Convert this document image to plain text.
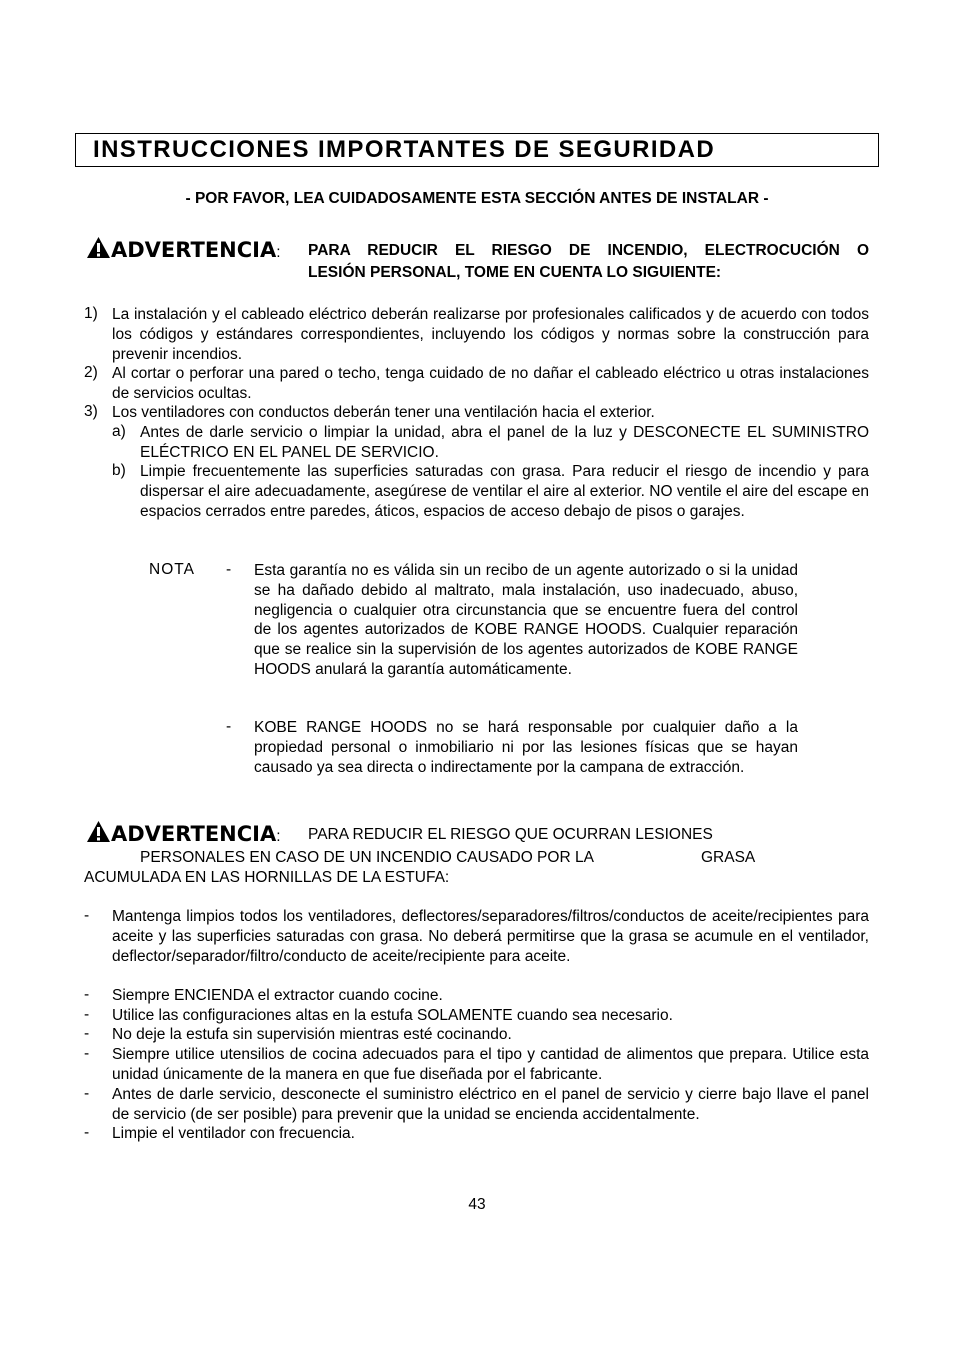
INSTRUCCIONES IMPORTANTES DE SEGURIDAD
- POR FAVOR, LEA CUIDADOSAMENTE ESTA SECCIÓN ANTES DE INSTALAR -
ADVERTENCIA: PARA REDUCIR EL RIESGO DE INCENDIO, ELECTROCUCIÓN O
LESIÓN PERSONAL, TOME EN CUENTA LO SIGUIENTE:
1) La instalación y el cableado eléctrico deberán realizarse por profesionales calificados y de acuerdo con todos los códigos y estándares correspondientes, incluyendo los códigos y normas sobre la construcción para prevenir incendios.
2) Al cortar o perforar una pared o techo, tenga cuidado de no dañar el cableado eléctrico u otras instalaciones de servicios ocultas.
3) Los ventiladores con conductos deberán tener una ventilación hacia el exterior.
a) Antes de darle servicio o limpiar la unidad, abra el panel de la luz y DESCONECTE EL SUMINISTRO ELÉCTRICO EN EL PANEL DE SERVICIO.
b) Limpie frecuentemente las superficies saturadas con grasa. Para reducir el riesgo de incendio y para dispersar el aire adecuadamente, asegúrese de ventilar el aire al exterior. NO ventile el aire del escape en espacios cerrados entre paredes, áticos, espacios de acceso debajo de pisos o garajes.
NOTA - Esta garantía no es válida sin un recibo de un agente autorizado o si la unidad se ha dañado debido al maltrato, mala instalación, uso inadecuado, abuso, negligencia o cualquier otra circunstancia que se encuentre fuera del control de los agentes autorizados de KOBE RANGE HOODS. Cualquier reparación que se realice sin la supervisión de los agentes autorizados de KOBE RANGE HOODS anulará la garantía automáticamente.
- KOBE RANGE HOODS no se hará responsable por cualquier daño a la propiedad personal o inmobiliario ni por las lesiones físicas que se hayan causado ya sea directa o indirectamente por la campana de extracción.
ADVERTENCIA: PARA REDUCIR EL RIESGO QUE OCURRAN LESIONES
PERSONALES EN CASO DE UN INCENDIO CAUSADO POR LA	GRASA
ACUMULADA EN LAS HORNILLAS DE LA ESTUFA:
- Mantenga limpios todos los ventiladores, deflectores/separadores/filtros/conductos de aceite/recipientes para aceite y las superficies saturadas con grasa. No deberá permitirse que la grasa se acumule en el ventilador, deflector/separador/filtro/conducto de aceite/recipiente para aceite.
- Siempre ENCIENDA el extractor cuando cocine.
- Utilice las configuraciones altas en la estufa SOLAMENTE cuando sea necesario.
- No deje la estufa sin supervisión mientras esté cocinando.
- Siempre utilice utensilios de cocina adecuados para el tipo y cantidad de alimentos que prepara. Utilice esta unidad únicamente de la manera en que fue diseñada por el fabricante.
- Antes de darle servicio, desconecte el suministro eléctrico en el panel de servicio y cierre bajo llave el panel de servicio (de ser posible) para prevenir que la unidad se encienda accidentalmente.
- Limpie el ventilador con frecuencia.
43
